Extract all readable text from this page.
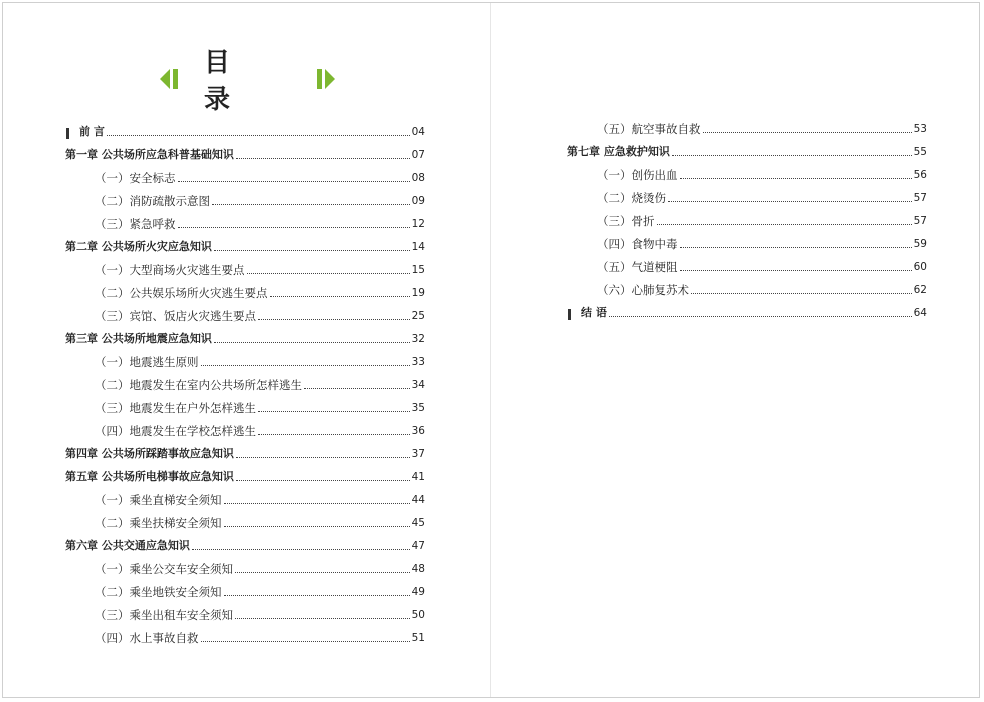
目 录
前 言	04
第一章 公共场所应急科普基础知识	07
（一）安全标志	08
（二）消防疏散示意图	09
（三）紧急呼救	12
第二章 公共场所火灾应急知识	14
（一）大型商场火灾逃生要点	15
（二）公共娱乐场所火灾逃生要点	19
（三）宾馆、饭店火灾逃生要点	25
第三章 公共场所地震应急知识	32
（一）地震逃生原则	33
（二）地震发生在室内公共场所怎样逃生	34
（三）地震发生在户外怎样逃生	35
（四）地震发生在学校怎样逃生	36
第四章 公共场所踩踏事故应急知识	37
第五章 公共场所电梯事故应急知识	41
（一）乘坐直梯安全须知	44
（二）乘坐扶梯安全须知	45
第六章 公共交通应急知识	47
（一）乘坐公交车安全须知	48
（二）乘坐地铁安全须知	49
（三）乘坐出租车安全须知	50
（四）水上事故自救	51
（五）航空事故自救	53
第七章 应急救护知识	55
（一）创伤出血	56
（二）烧烫伤	57
（三）骨折	57
（四）食物中毒	59
（五）气道梗阻	60
（六）心肺复苏术	62
结 语	64
